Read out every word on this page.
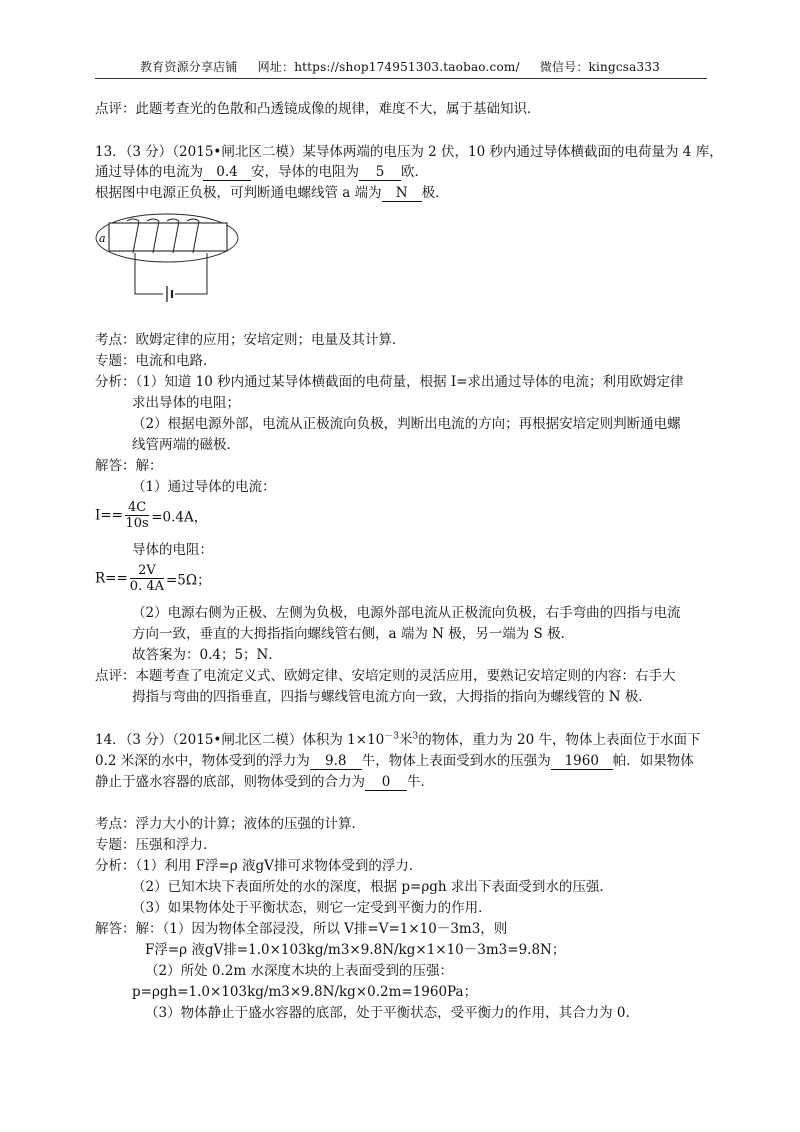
教育资源分享店铺 网址：https://shop174951303.taobao.com/ 微信号：kingcsa333
点评：此题考查光的色散和凸透镜成像的规律，难度不大，属于基础知识．
13．（3 分）（2015•闸北区二模）某导体两端的电压为 2 伏，10 秒内通过导体横截面的电荷量为 4 库，
通过导体的电流为 0.4 安，导体的电阻为 5 欧．
根据图中电源正负极，可判断通电螺线管 a 端为 N 极．
a
考点：欧姆定律的应用；安培定则；电量及其计算．
专题：电流和电路．
分析：（1）知道 10 秒内通过某导体横截面的电荷量，根据 I=求出通过导体的电流；利用欧姆定律
求出导体的电阻；
（2）根据电源外部，电流从正极流向负极，判断出电流的方向；再根据安培定则判断通电螺
线管两端的磁极．
解答：解：
（1）通过导体的电流：
$I== \frac{4C}{10s} =0.4A$，
导体的电阻：
$R== \frac{2V}{0. 4A} =5\Omega$；
（2）电源右侧为正极、左侧为负极，电源外部电流从正极流向负极，右手弯曲的四指与电流
方向一致，垂直的大拇指指向螺线管右侧，a 端为 N 极，另一端为 S 极．
故答案为：0.4；5；N．
点评：本题考查了电流定义式、欧姆定律、安培定则的灵活应用，要熟记安培定则的内容：右手大
拇指与弯曲的四指垂直，四指与螺线管电流方向一致，大拇指的指向为螺线管的 N 极．
14．（3 分）（2015•闸北区二模）体积为 $1\times 10^{-3}$米$^3$的物体，重力为 20 牛，物体上表面位于水面下
0.2 米深的水中，物体受到的浮力为 9.8 牛，物体上表面受到水的压强为 1960 帕．如果物体
静止于盛水容器的底部，则物体受到的合力为 0 牛．
考点：浮力大小的计算；液体的压强的计算．
专题：压强和浮力．
分析：（1）利用 F浮=ρ 液gV排可求物体受到的浮力．
（2）已知木块下表面所处的水的深度，根据 p=ρgh 求出下表面受到水的压强．
（3）如果物体处于平衡状态，则它一定受到平衡力的作用．
解答：解：（1）因为物体全部浸没，所以 V排=V=1×10－3m3，则
F浮=ρ 液gV排=1.0×103kg/m3×9.8N/kg×1×10－3m3=9.8N；
（2）所处 0.2m 水深度木块的上表面受到的压强：
p=ρgh=1.0×103kg/m3×9.8N/kg×0.2m=1960Pa；
（3）物体静止于盛水容器的底部，处于平衡状态，受平衡力的作用，其合力为 0.
